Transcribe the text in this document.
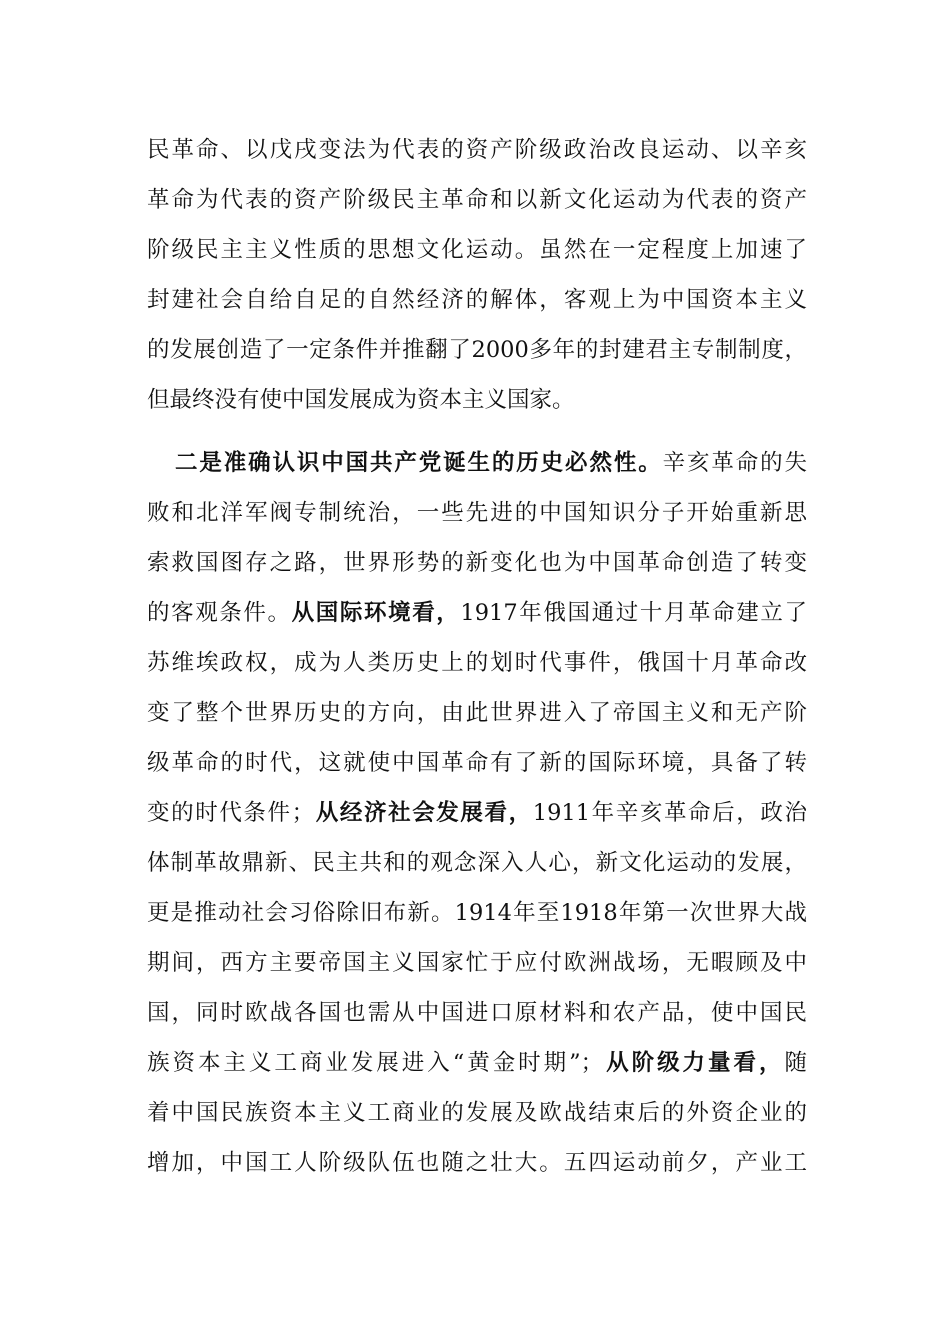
民革命、以戊戌变法为代表的资产阶级政治改良运动、以辛亥
革命为代表的资产阶级民主革命和以新文化运动为代表的资产
阶级民主主义性质的思想文化运动。虽然在一定程度上加速了
封建社会自给自足的自然经济的解体，客观上为中国资本主义
的发展创造了一定条件并推翻了2000多年的封建君主专制制度，
但最终没有使中国发展成为资本主义国家。
二是准确认识中国共产党诞生的历史必然性。辛亥革命的失
败和北洋军阀专制统治，一些先进的中国知识分子开始重新思
索救国图存之路，世界形势的新变化也为中国革命创造了转变
的客观条件。从国际环境看，1917年俄国通过十月革命建立了
苏维埃政权，成为人类历史上的划时代事件，俄国十月革命改
变了整个世界历史的方向，由此世界进入了帝国主义和无产阶
级革命的时代，这就使中国革命有了新的国际环境，具备了转
变的时代条件；从经济社会发展看，1911年辛亥革命后，政治
体制革故鼎新、民主共和的观念深入人心，新文化运动的发展，
更是推动社会习俗除旧布新。1914年至1918年第一次世界大战
期间，西方主要帝国主义国家忙于应付欧洲战场，无暇顾及中
国，同时欧战各国也需从中国进口原材料和农产品，使中国民
族资本主义工商业发展进入“黄金时期”；从阶级力量看，随
着中国民族资本主义工商业的发展及欧战结束后的外资企业的
增加，中国工人阶级队伍也随之壮大。五四运动前夕，产业工
